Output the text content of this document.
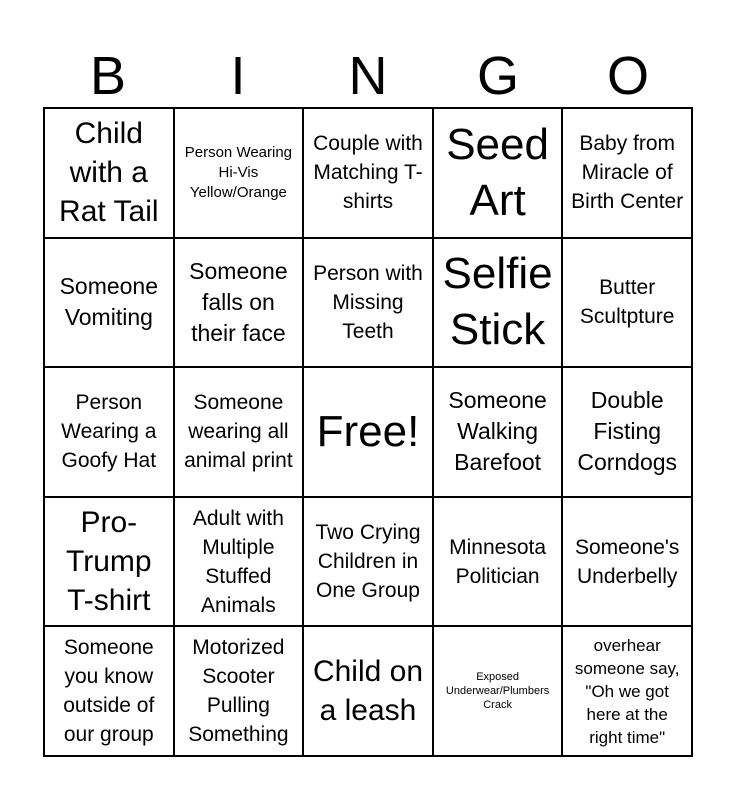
B	I	N	G	O
Child with a Rat Tail
Person Wearing Hi-Vis Yellow/Orange
Couple with Matching T-shirts
Seed Art
Baby from Miracle of Birth Center
Someone Vomiting
Someone falls on their face
Person with Missing Teeth
Selfie Stick
Butter Scultpture
Person Wearing a Goofy Hat
Someone wearing all animal print
Free!
Someone Walking Barefoot
Double Fisting Corndogs
Pro-Trump T-shirt
Adult with Multiple Stuffed Animals
Two Crying Children in One Group
Minnesota Politician
Someone's Underbelly
Someone you know outside of our group
Motorized Scooter Pulling Something
Child on a leash
Exposed Underwear/Plumbers Crack
overhear someone say, "Oh we got here at the right time"
